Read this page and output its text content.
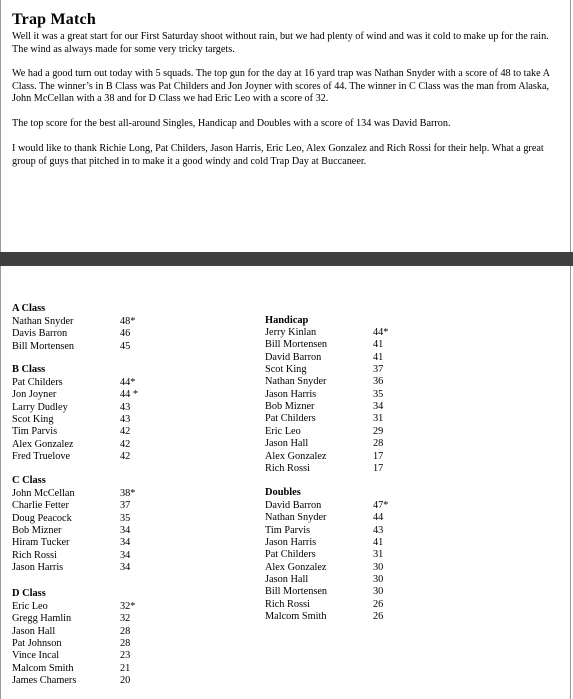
Trap Match

Well it was a great start for our First Saturday shoot without rain, but we had plenty of wind and was it cold to make up for the rain. The wind as always made for some very tricky targets.

We had a good turn out today with 5 squads. The top gun for the day at 16 yard trap was Nathan Snyder with a score of 48 to take A Class. The winner’s in B Class was Pat Childers and Jon Joyner with scores of 44. The winner in C Class was the man from Alaska, John McCellan with a 38 and for D Class we had Eric Leo with a score of 32.

The top score for the best all-around Singles, Handicap and Doubles with a score of 134 was David Barron.

I would like to thank Richie Long, Pat Childers, Jason Harris, Eric Leo, Alex Gonzalez and Rich Rossi for their help. What a great group of guys that pitched in to make it a good windy and cold Trap Day at Buccaneer.

A Class
Nathan Snyder	48*
Davis Barron	46
Bill Mortensen	45
B Class
Pat Childers	44*
Jon Joyner	44 *
Larry Dudley	43
Scot King	43
Tim Parvis	42
Alex Gonzalez	42
Fred Truelove	42
C Class
John McCellan	38*
Charlie Fetter	37
Doug Peacock	35
Bob Mizner	34
Hiram Tucker	34
Rich Rossi	34
Jason Harris	34
D Class
Eric Leo	32*
Gregg Hamlin	32
Jason Hall	28
Pat Johnson	28
Vince Incal	23
Malcom Smith	21
James Chamers	20
Handicap
Jerry Kinlan	44*
Bill Mortensen	41
David Barron	41
Scot King	37
Nathan Snyder	36
Jason Harris	35
Bob Mizner	34
Pat Childers	31
Eric Leo	29
Jason Hall	28
Alex Gonzalez	17
Rich Rossi	17
Doubles
David Barron	47*
Nathan Snyder	44
Tim Parvis	43
Jason Harris	41
Pat Childers	31
Alex Gonzalez	30
Jason Hall	30
Bill Mortensen	30
Rich Rossi	26
Malcom Smith	26
